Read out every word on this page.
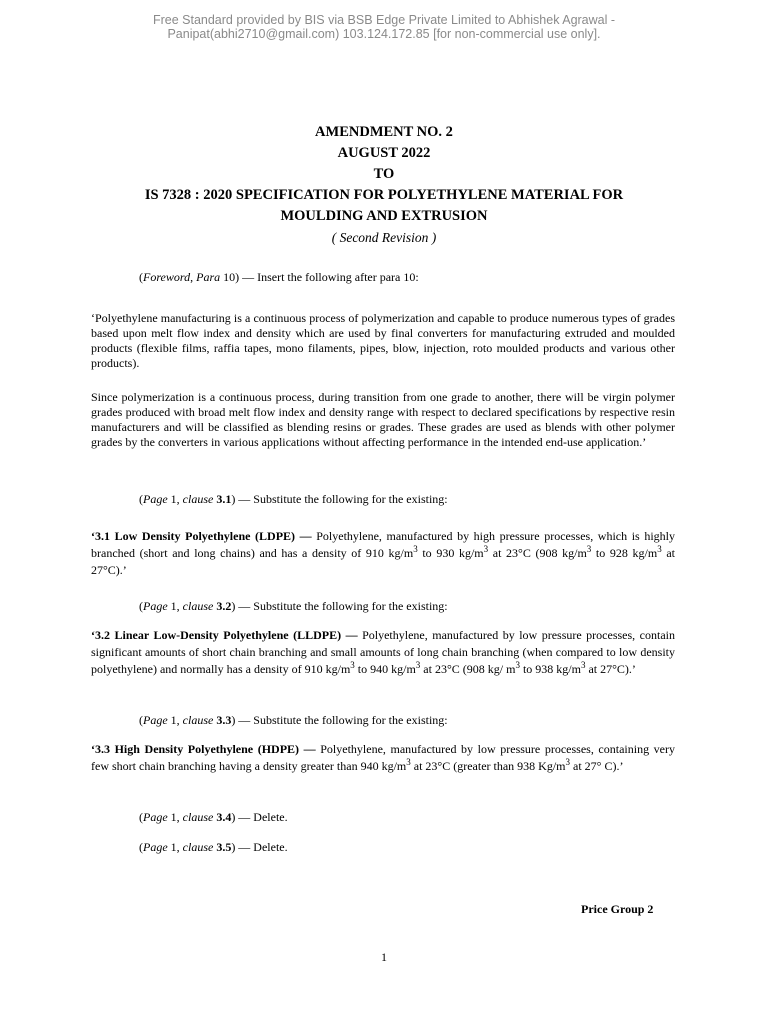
Free Standard provided by BIS via BSB Edge Private Limited to Abhishek Agrawal -
Panipat(abhi2710@gmail.com) 103.124.172.85 [for non-commercial use only].
AMENDMENT NO. 2
AUGUST 2022
TO
IS 7328 : 2020 SPECIFICATION FOR POLYETHYLENE MATERIAL FOR
MOULDING AND EXTRUSION
( Second Revision )
(Foreword, Para 10) — Insert the following after para 10:
‘Polyethylene manufacturing is a continuous process of polymerization and capable to produce numerous types of grades based upon melt flow index and density which are used by final converters for manufacturing extruded and moulded products (flexible films, raffia tapes, mono filaments, pipes, blow, injection, roto moulded products and various other products).
Since polymerization is a continuous process, during transition from one grade to another, there will be virgin polymer grades produced with broad melt flow index and density range with respect to declared specifications by respective resin manufacturers and will be classified as blending resins or grades. These grades are used as blends with other polymer grades by the converters in various applications without affecting performance in the intended end-use application.’
(Page 1, clause 3.1) — Substitute the following for the existing:
‘3.1 Low Density Polyethylene (LDPE) — Polyethylene, manufactured by high pressure processes, which is highly branched (short and long chains) and has a density of 910 $kg/m^3$ to 930 $kg/m^3$ at 23°C (908 $kg/m^3$ to 928 $kg/m^3$ at 27°C).’
(Page 1, clause 3.2) — Substitute the following for the existing:
‘3.2 Linear Low-Density Polyethylene (LLDPE) — Polyethylene, manufactured by low pressure processes, contain significant amounts of short chain branching and small amounts of long chain branching (when compared to low density polyethylene) and normally has a density of 910 $kg/m^3$ to 940 $kg/m^3$ at 23°C (908 kg/ $m^3$ to 938 $kg/m^3$ at 27°C).’
(Page 1, clause 3.3) — Substitute the following for the existing:
‘3.3 High Density Polyethylene (HDPE) — Polyethylene, manufactured by low pressure processes, containing very few short chain branching having a density greater than 940 $kg/m^3$ at 23°C (greater than 938 $Kg/m^3$ at 27° C).’
(Page 1, clause 3.4) — Delete.
(Page 1, clause 3.5) — Delete.
Price Group 2
1
